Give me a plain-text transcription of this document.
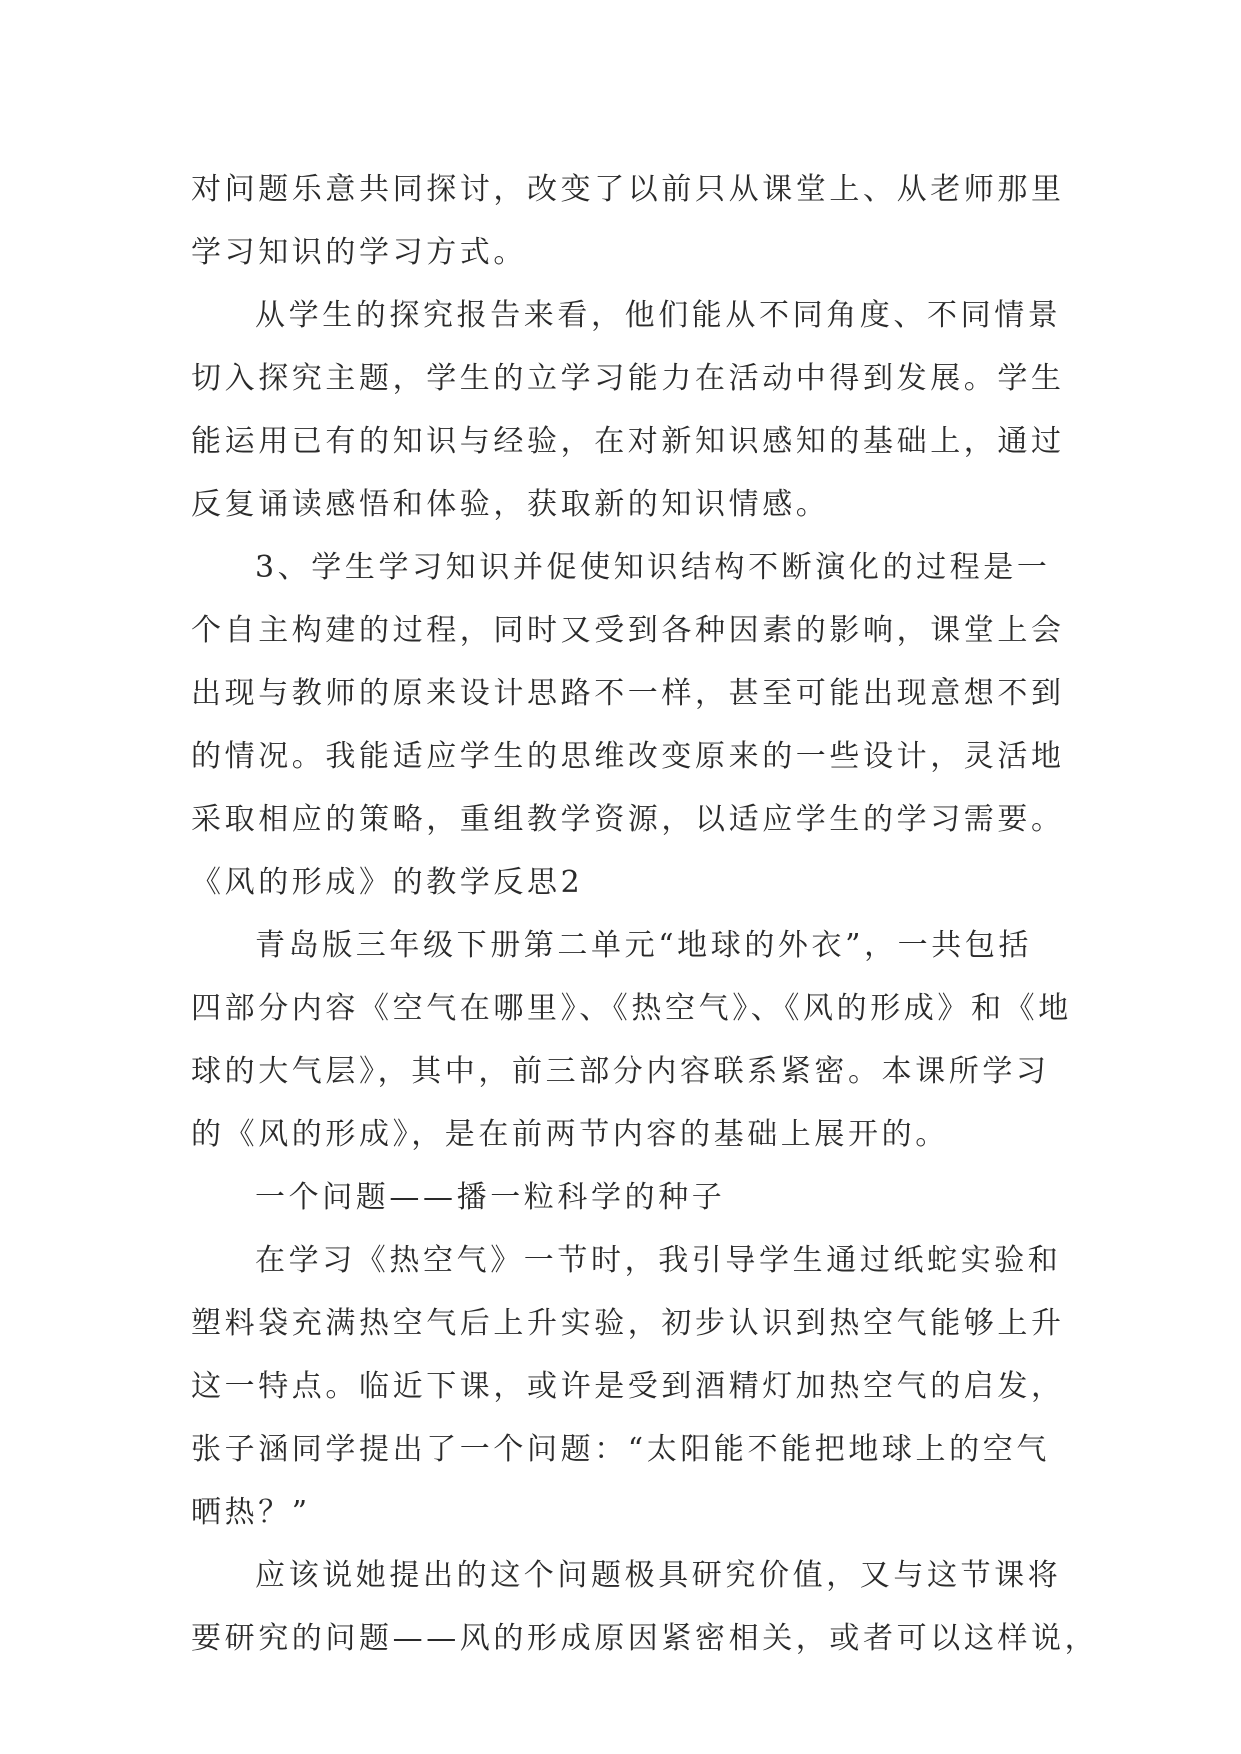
对问题乐意共同探讨，改变了以前只从课堂上、从老师那里
学习知识的学习方式。
从学生的探究报告来看，他们能从不同角度、不同情景
切入探究主题，学生的立学习能力在活动中得到发展。学生
能运用已有的知识与经验，在对新知识感知的基础上，通过
反复诵读感悟和体验，获取新的知识情感。
3、学生学习知识并促使知识结构不断演化的过程是一
个自主构建的过程，同时又受到各种因素的影响，课堂上会
出现与教师的原来设计思路不一样，甚至可能出现意想不到
的情况。我能适应学生的思维改变原来的一些设计，灵活地
采取相应的策略，重组教学资源，以适应学生的学习需要。
《风的形成》的教学反思2
青岛版三年级下册第二单元“地球的外衣”，一共包括
四部分内容《空气在哪里》、《热空气》、《风的形成》和《地
球的大气层》，其中，前三部分内容联系紧密。本课所学习
的《风的形成》，是在前两节内容的基础上展开的。
一个问题——播一粒科学的种子
在学习《热空气》一节时，我引导学生通过纸蛇实验和
塑料袋充满热空气后上升实验，初步认识到热空气能够上升
这一特点。临近下课，或许是受到酒精灯加热空气的启发，
张子涵同学提出了一个问题：“太阳能不能把地球上的空气
晒热？”
应该说她提出的这个问题极具研究价值，又与这节课将
要研究的问题——风的形成原因紧密相关，或者可以这样说，
